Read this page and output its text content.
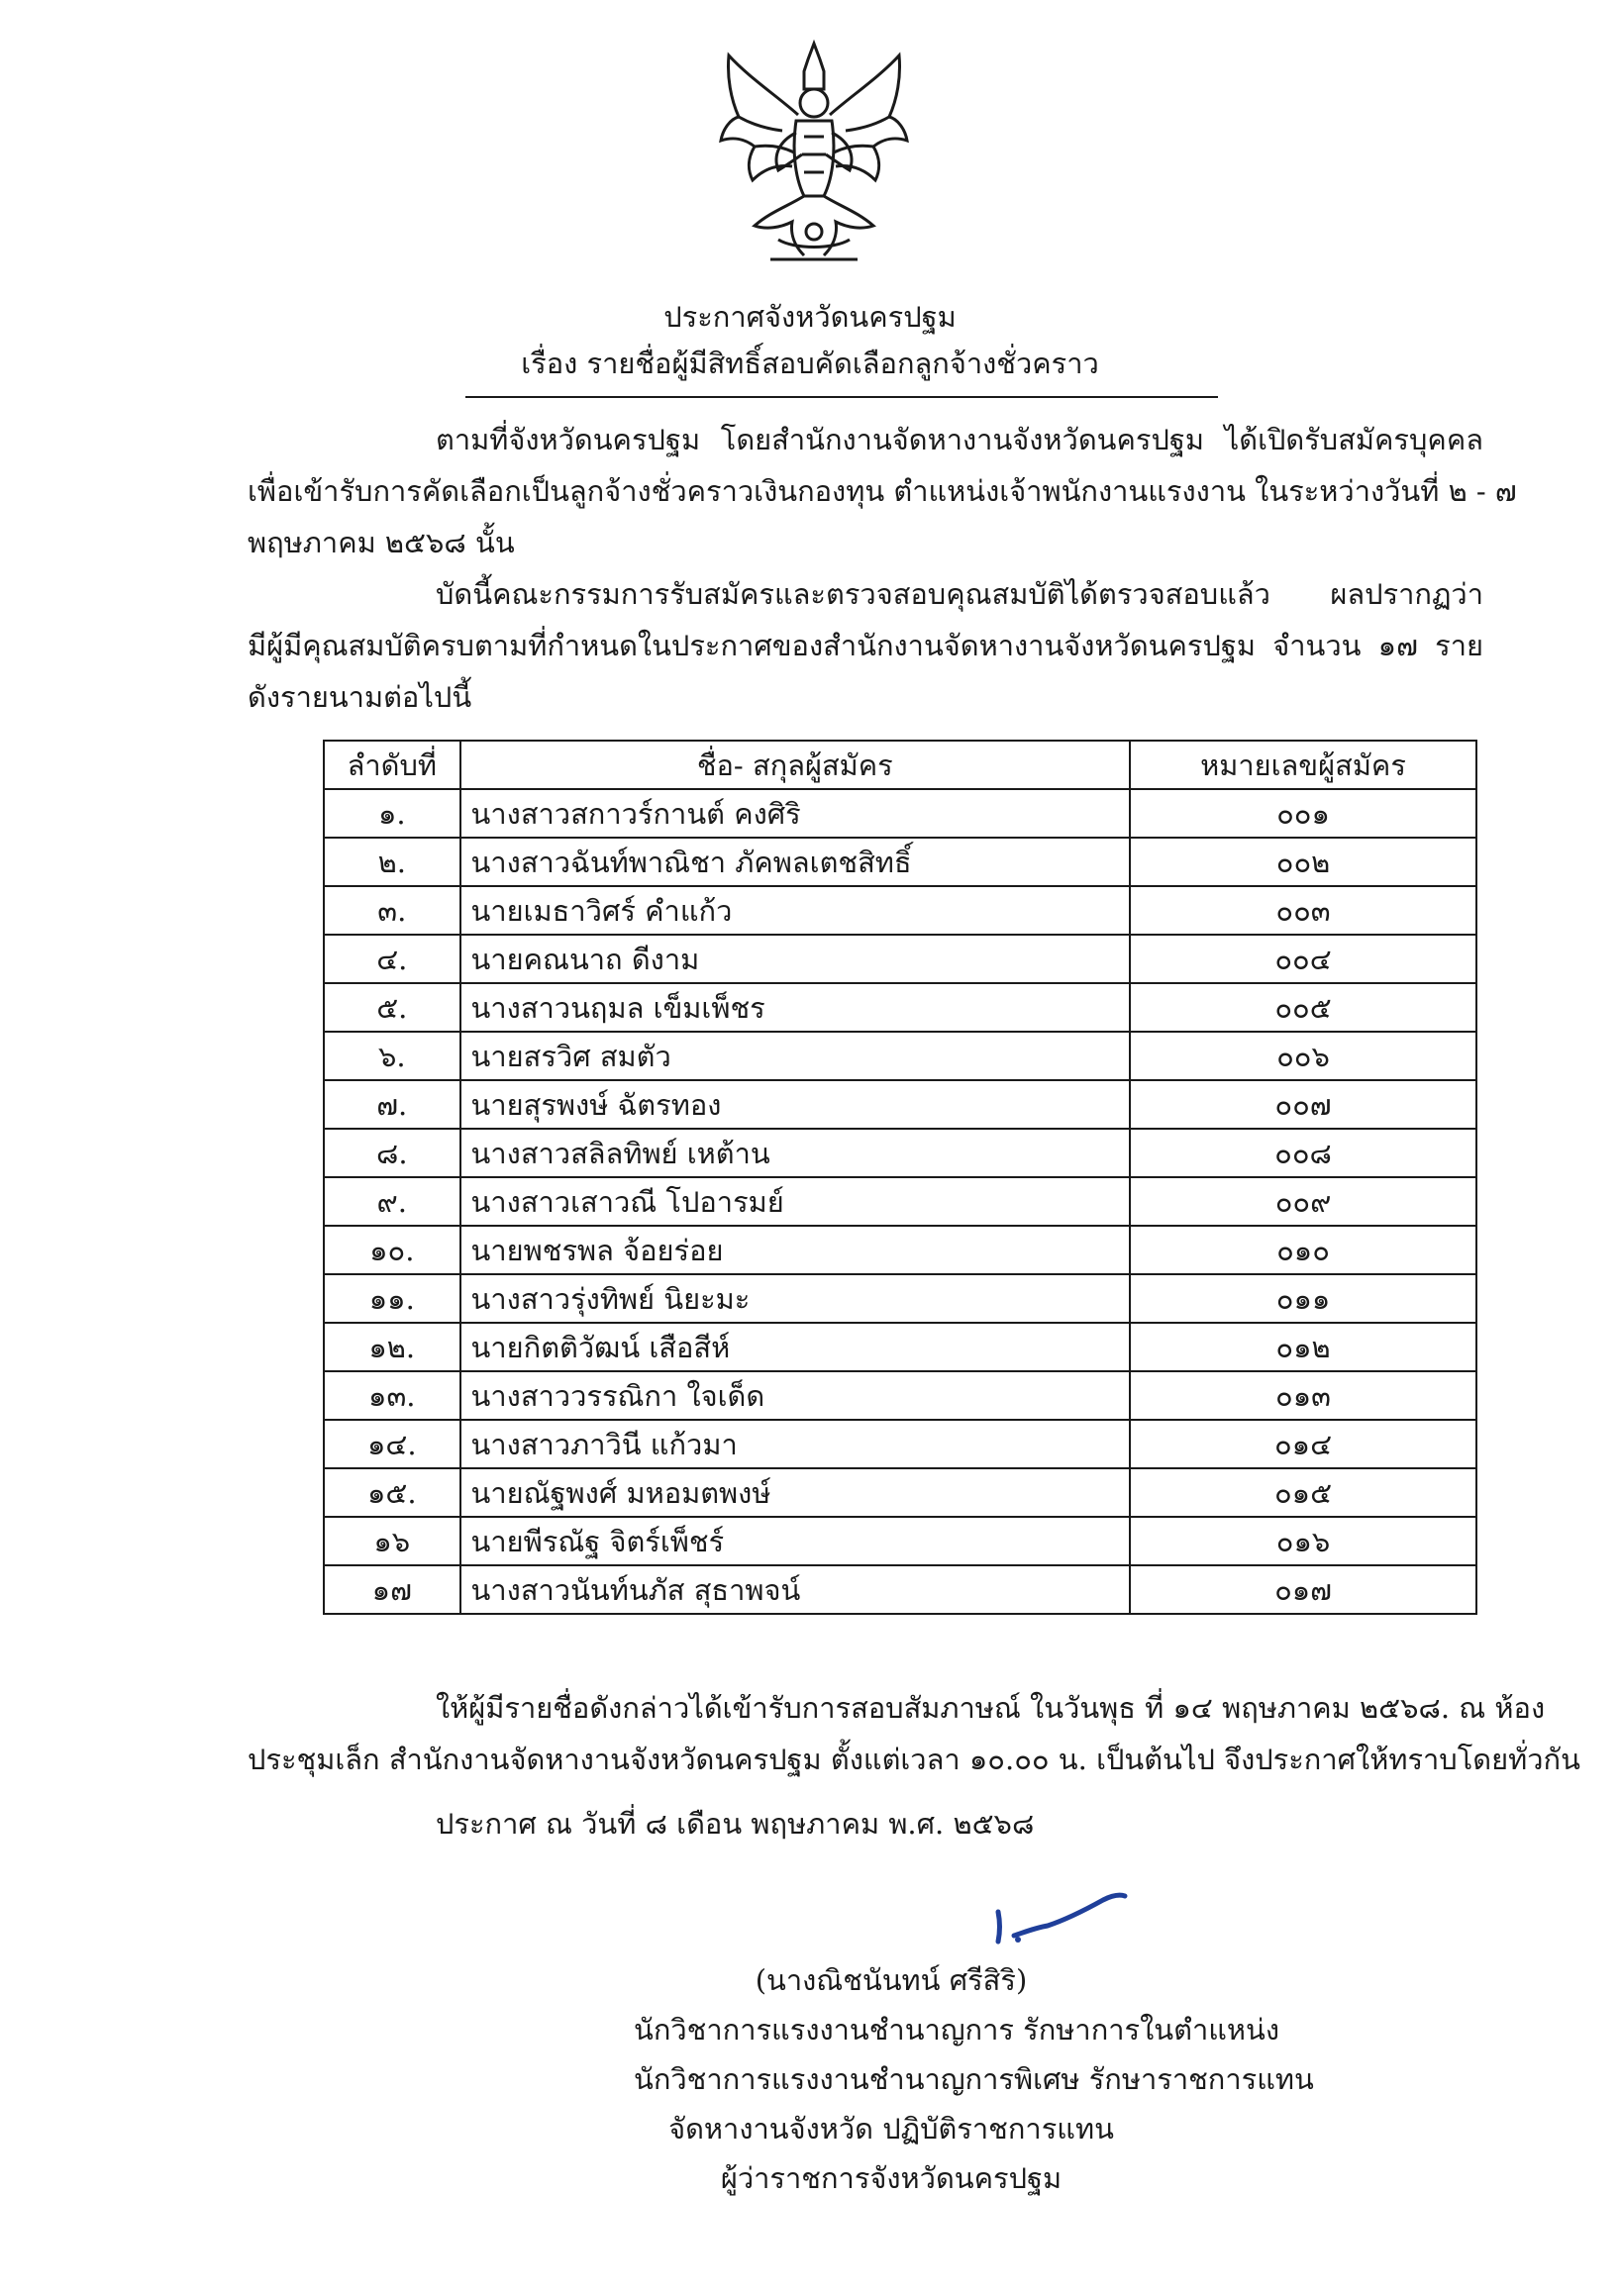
ประกาศจังหวัดนครปฐม
เรื่อง รายชื่อผู้มีสิทธิ์สอบคัดเลือกลูกจ้างชั่วคราว
ตามที่จังหวัดนครปฐม โดยสำนักงานจัดหางานจังหวัดนครปฐม ได้เปิดรับสมัครบุคคล
เพื่อเข้ารับการคัดเลือกเป็นลูกจ้างชั่วคราวเงินกองทุน ตำแหน่งเจ้าพนักงานแรงงาน ในระหว่างวันที่ ๒ - ๗
พฤษภาคม ๒๕๖๘ นั้น
บัดนี้คณะกรรมการรับสมัครและตรวจสอบคุณสมบัติได้ตรวจสอบแล้ว ผลปรากฏว่า
มีผู้มีคุณสมบัติครบตามที่กำหนดในประกาศของสำนักงานจัดหางานจังหวัดนครปฐม จำนวน ๑๗ ราย
ดังรายนามต่อไปนี้
ลำดับที่	ชื่อ- สกุลผู้สมัคร	หมายเลขผู้สมัคร
๑.	นางสาวสกาวร์กานต์ คงศิริ	๐๐๑
๒.	นางสาวฉันท์พาณิชา ภัคพลเตชสิทธิ์	๐๐๒
๓.	นายเมธาวิศร์ คำแก้ว	๐๐๓
๔.	นายคณนาถ ดีงาม	๐๐๔
๕.	นางสาวนฤมล เข็มเพ็ชร	๐๐๕
๖.	นายสรวิศ สมตัว	๐๐๖
๗.	นายสุรพงษ์ ฉัตรทอง	๐๐๗
๘.	นางสาวสลิลทิพย์ เหต้าน	๐๐๘
๙.	นางสาวเสาวณี โปอารมย์	๐๐๙
๑๐.	นายพชรพล จ้อยร่อย	๐๑๐
๑๑.	นางสาวรุ่งทิพย์ นิยะมะ	๐๑๑
๑๒.	นายกิตติวัฒน์ เสือสีห์	๐๑๒
๑๓.	นางสาววรรณิกา ใจเด็ด	๐๑๓
๑๔.	นางสาวภาวินี แก้วมา	๐๑๔
๑๕.	นายณัฐพงศ์ มหอมตพงษ์	๐๑๕
๑๖	นายพีรณัฐ จิตร์เพ็ชร์	๐๑๖
๑๗	นางสาวนันท์นภัส สุธาพจน์	๐๑๗
ให้ผู้มีรายชื่อดังกล่าวได้เข้ารับการสอบสัมภาษณ์ ในวันพุธ ที่ ๑๔ พฤษภาคม ๒๕๖๘. ณ ห้อง
ประชุมเล็ก สำนักงานจัดหางานจังหวัดนครปฐม ตั้งแต่เวลา ๑๐.๐๐ น. เป็นต้นไป จึงประกาศให้ทราบโดยทั่วกัน
ประกาศ ณ วันที่ ๘ เดือน พฤษภาคม พ.ศ. ๒๕๖๘
(นางณิชนันทน์ ศรีสิริ)
นักวิชาการแรงงานชำนาญการ รักษาการในตำแหน่ง
นักวิชาการแรงงานชำนาญการพิเศษ รักษาราชการแทน
จัดหางานจังหวัด ปฏิบัติราชการแทน
ผู้ว่าราชการจังหวัดนครปฐม
